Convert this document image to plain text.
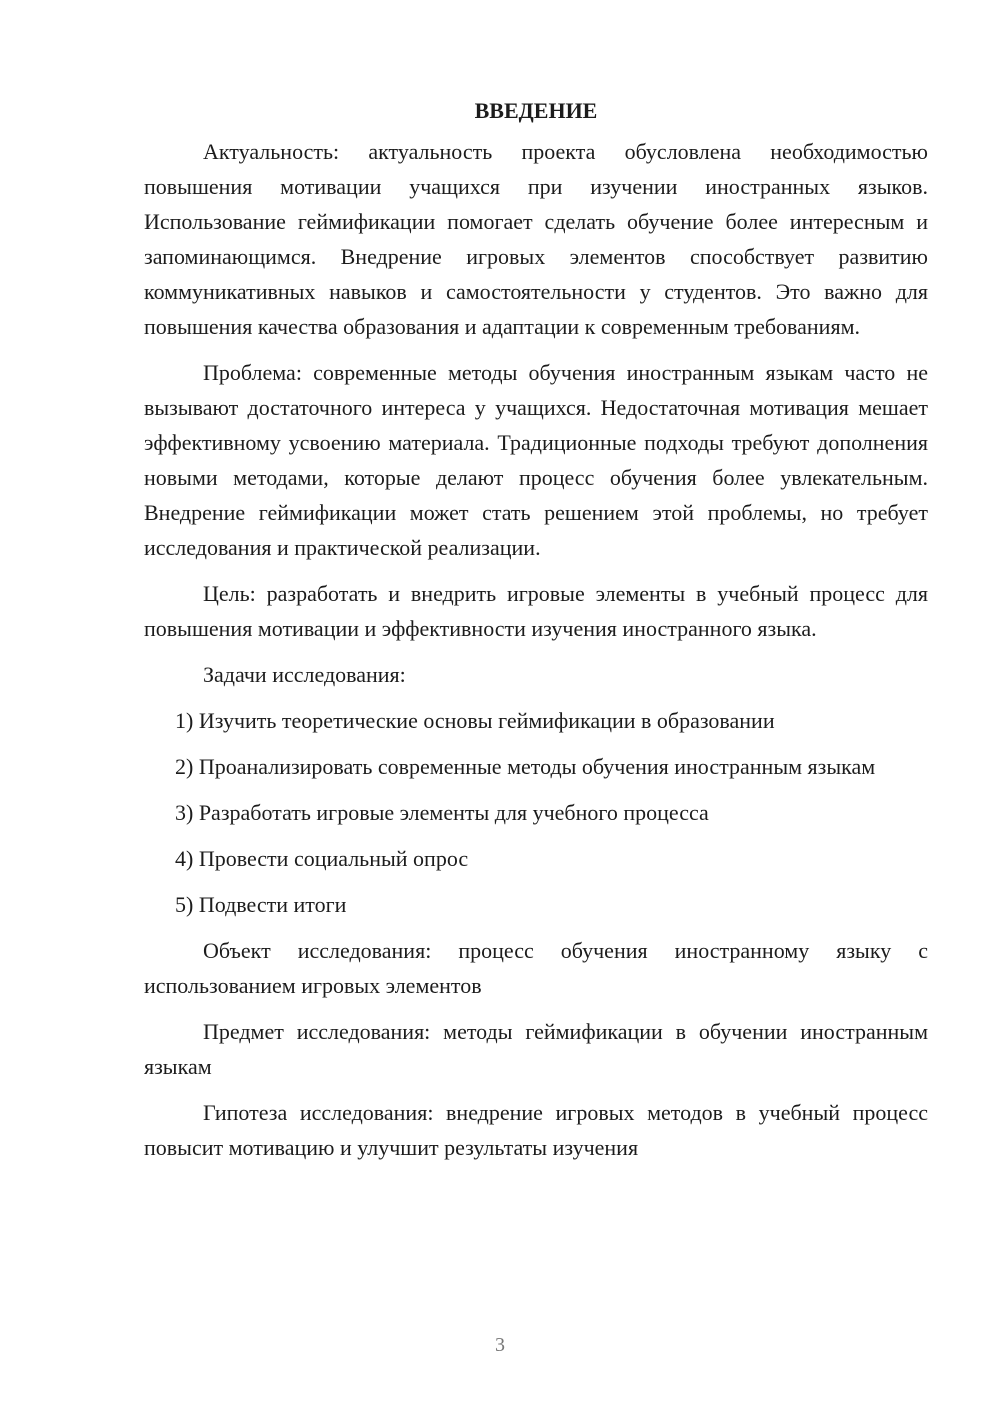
ВВЕДЕНИЕ

Актуальность: актуальность проекта обусловлена необходимостью повышения мотивации учащихся при изучении иностранных языков. Использование геймификации помогает сделать обучение более интересным и запоминающимся. Внедрение игровых элементов способствует развитию коммуникативных навыков и самостоятельности у студентов. Это важно для повышения качества образования и адаптации к современным требованиям.

Проблема: современные методы обучения иностранным языкам часто не вызывают достаточного интереса у учащихся. Недостаточная мотивация мешает эффективному усвоению материала. Традиционные подходы требуют дополнения новыми методами, которые делают процесс обучения более увлекательным. Внедрение геймификации может стать решением этой проблемы, но требует исследования и практической реализации.

Цель: разработать и внедрить игровые элементы в учебный процесс для повышения мотивации и эффективности изучения иностранного языка.

Задачи исследования:

1) Изучить теоретические основы геймификации в образовании

2) Проанализировать современные методы обучения иностранным языкам

3) Разработать игровые элементы для учебного процесса

4) Провести социальный опрос

5) Подвести итоги

Объект исследования: процесс обучения иностранному языку с использованием игровых элементов

Предмет исследования: методы геймификации в обучении иностранным языкам

Гипотеза исследования: внедрение игровых методов в учебный процесс повысит мотивацию и улучшит результаты изучения

3
